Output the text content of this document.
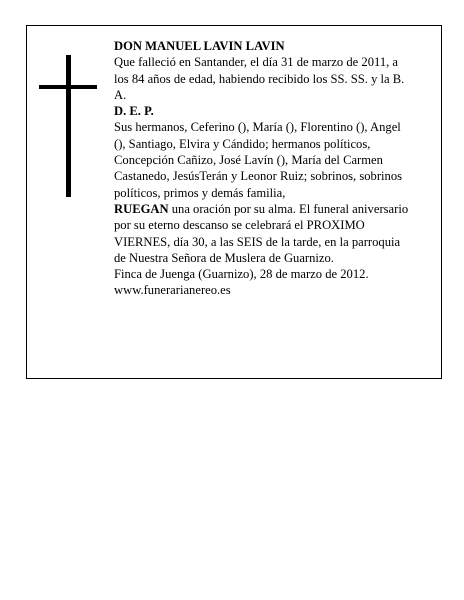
DON MANUEL LAVIN LAVIN

Que falleció en Santander, el día 31 de marzo de 2011, a los 84 años de edad, habiendo recibido los SS. SS. y la B. A.

D. E. P.

Sus hermanos, Ceferino (), María (), Florentino (), Angel (), Santiago, Elvira y Cándido; hermanos políticos, Concepción Cañizo, José Lavín (), María del Carmen Castanedo, JesúsTerán y Leonor Ruiz; sobrinos, sobrinos políticos, primos y demás familia,

RUEGAN una oración por su alma. El funeral aniversario por su eterno descanso se celebrará el PROXIMO VIERNES, día 30, a las SEIS de la tarde, en la parroquia de Nuestra Señora de Muslera de Guarnizo.

Finca de Juenga (Guarnizo), 28 de marzo de 2012.

www.funerarianereo.es
